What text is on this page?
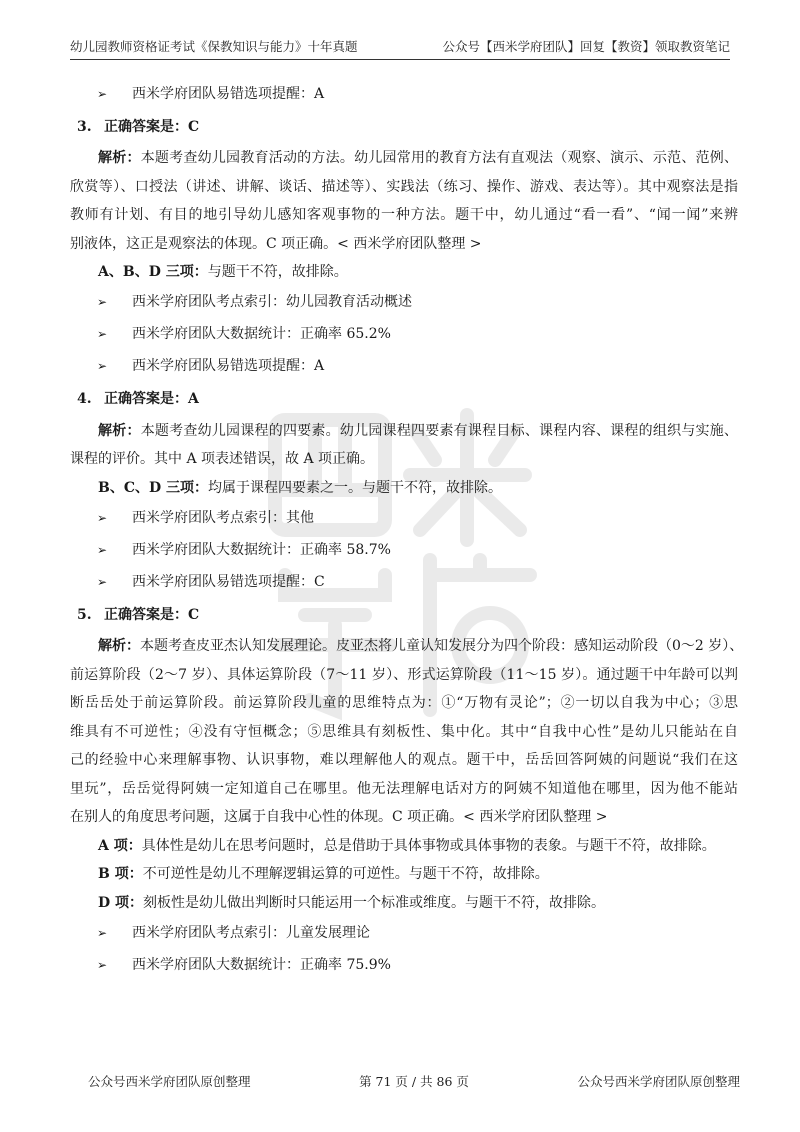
幼儿园教师资格证考试《保教知识与能力》十年真题	公众号【西米学府团队】回复【教资】领取教资笔记
➢	西米学府团队易错选项提醒：A
3. 正确答案是：C
解析：本题考查幼儿园教育活动的方法。幼儿园常用的教育方法有直观法（观察、演示、示范、范例、
欣赏等）、口授法（讲述、讲解、谈话、描述等）、实践法（练习、操作、游戏、表达等）。其中观察法是指
教师有计划、有目的地引导幼儿感知客观事物的一种方法。题干中，幼儿通过“看一看”、“闻一闻”来辨
别液体，这正是观察法的体现。C 项正确。< 西米学府团队整理 >
A、B、D 三项：与题干不符，故排除。
➢	西米学府团队考点索引：幼儿园教育活动概述
➢	西米学府团队大数据统计：正确率 65.2%
➢	西米学府团队易错选项提醒：A
4. 正确答案是：A
解析：本题考查幼儿园课程的四要素。幼儿园课程四要素有课程目标、课程内容、课程的组织与实施、
课程的评价。其中 A 项表述错误，故 A 项正确。
B、C、D 三项：均属于课程四要素之一。与题干不符，故排除。
➢	西米学府团队考点索引：其他
➢	西米学府团队大数据统计：正确率 58.7%
➢	西米学府团队易错选项提醒：C
5. 正确答案是：C
解析：本题考查皮亚杰认知发展理论。皮亚杰将儿童认知发展分为四个阶段：感知运动阶段（0～2 岁）、
前运算阶段（2～7 岁）、具体运算阶段（7～11 岁）、形式运算阶段（11～15 岁）。通过题干中年龄可以判
断岳岳处于前运算阶段。前运算阶段儿童的思维特点为：①“万物有灵论”；②一切以自我为中心；③思
维具有不可逆性；④没有守恒概念；⑤思维具有刻板性、集中化。其中“自我中心性”是幼儿只能站在自
己的经验中心来理解事物、认识事物，难以理解他人的观点。题干中，岳岳回答阿姨的问题说“我们在这
里玩”，岳岳觉得阿姨一定知道自己在哪里。他无法理解电话对方的阿姨不知道他在哪里，因为他不能站
在别人的角度思考问题，这属于自我中心性的体现。C 项正确。< 西米学府团队整理 >
A 项：具体性是幼儿在思考问题时，总是借助于具体事物或具体事物的表象。与题干不符，故排除。
B 项：不可逆性是幼儿不理解逻辑运算的可逆性。与题干不符，故排除。
D 项：刻板性是幼儿做出判断时只能运用一个标准或维度。与题干不符，故排除。
➢	西米学府团队考点索引：儿童发展理论
➢	西米学府团队大数据统计：正确率 75.9%
公众号西米学府团队原创整理	第 71 页 / 共 86 页	公众号西米学府团队原创整理
